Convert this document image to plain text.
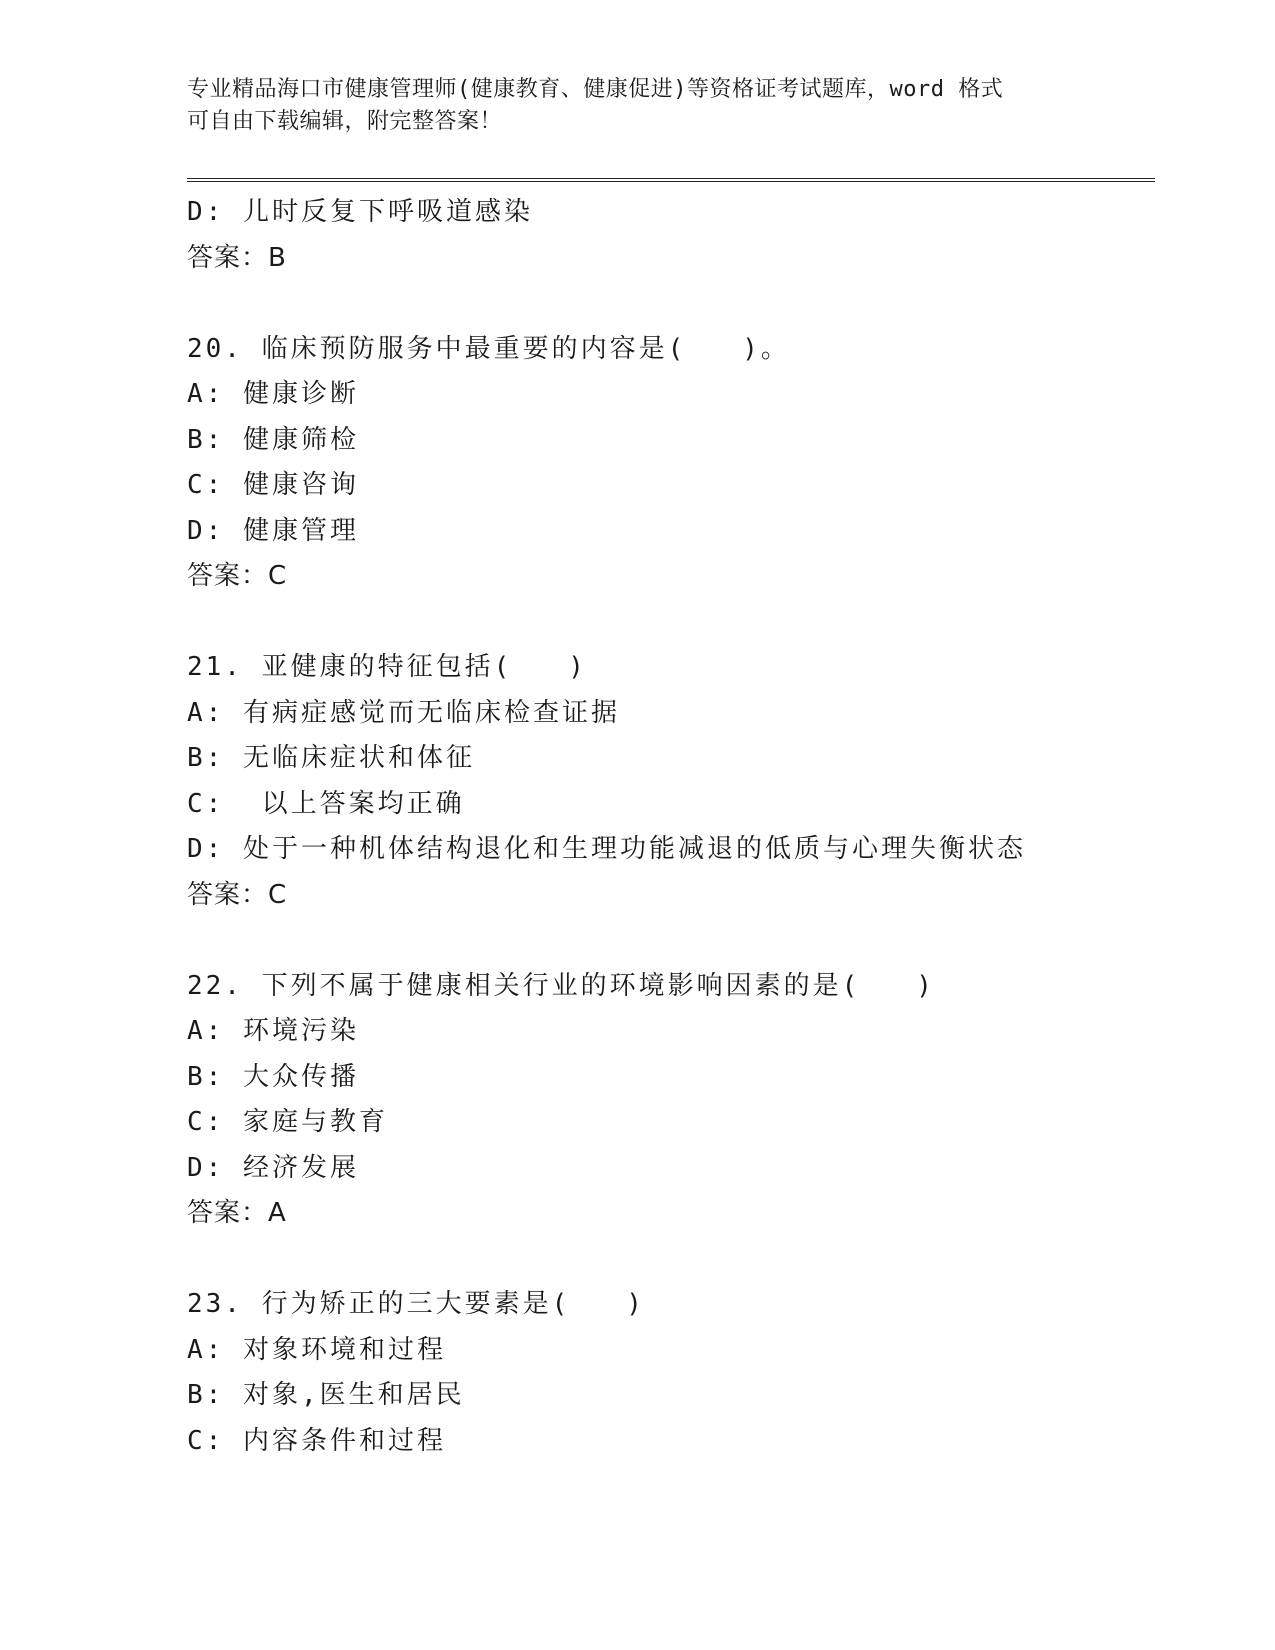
专业精品海口市健康管理师(健康教育、健康促进)等资格证考试题库，word 格式
可自由下载编辑，附完整答案！
D: 儿时反复下呼吸道感染
答案：B
20. 临床预防服务中最重要的内容是(   )。
A: 健康诊断
B: 健康筛检
C: 健康咨询
D: 健康管理
答案：C
21. 亚健康的特征包括(   )
A: 有病症感觉而无临床检查证据
B: 无临床症状和体征
C:  以上答案均正确
D: 处于一种机体结构退化和生理功能减退的低质与心理失衡状态
答案：C
22. 下列不属于健康相关行业的环境影响因素的是(   )
A: 环境污染
B: 大众传播
C: 家庭与教育
D: 经济发展
答案：A
23. 行为矫正的三大要素是(   )
A: 对象环境和过程
B: 对象,医生和居民
C: 内容条件和过程
